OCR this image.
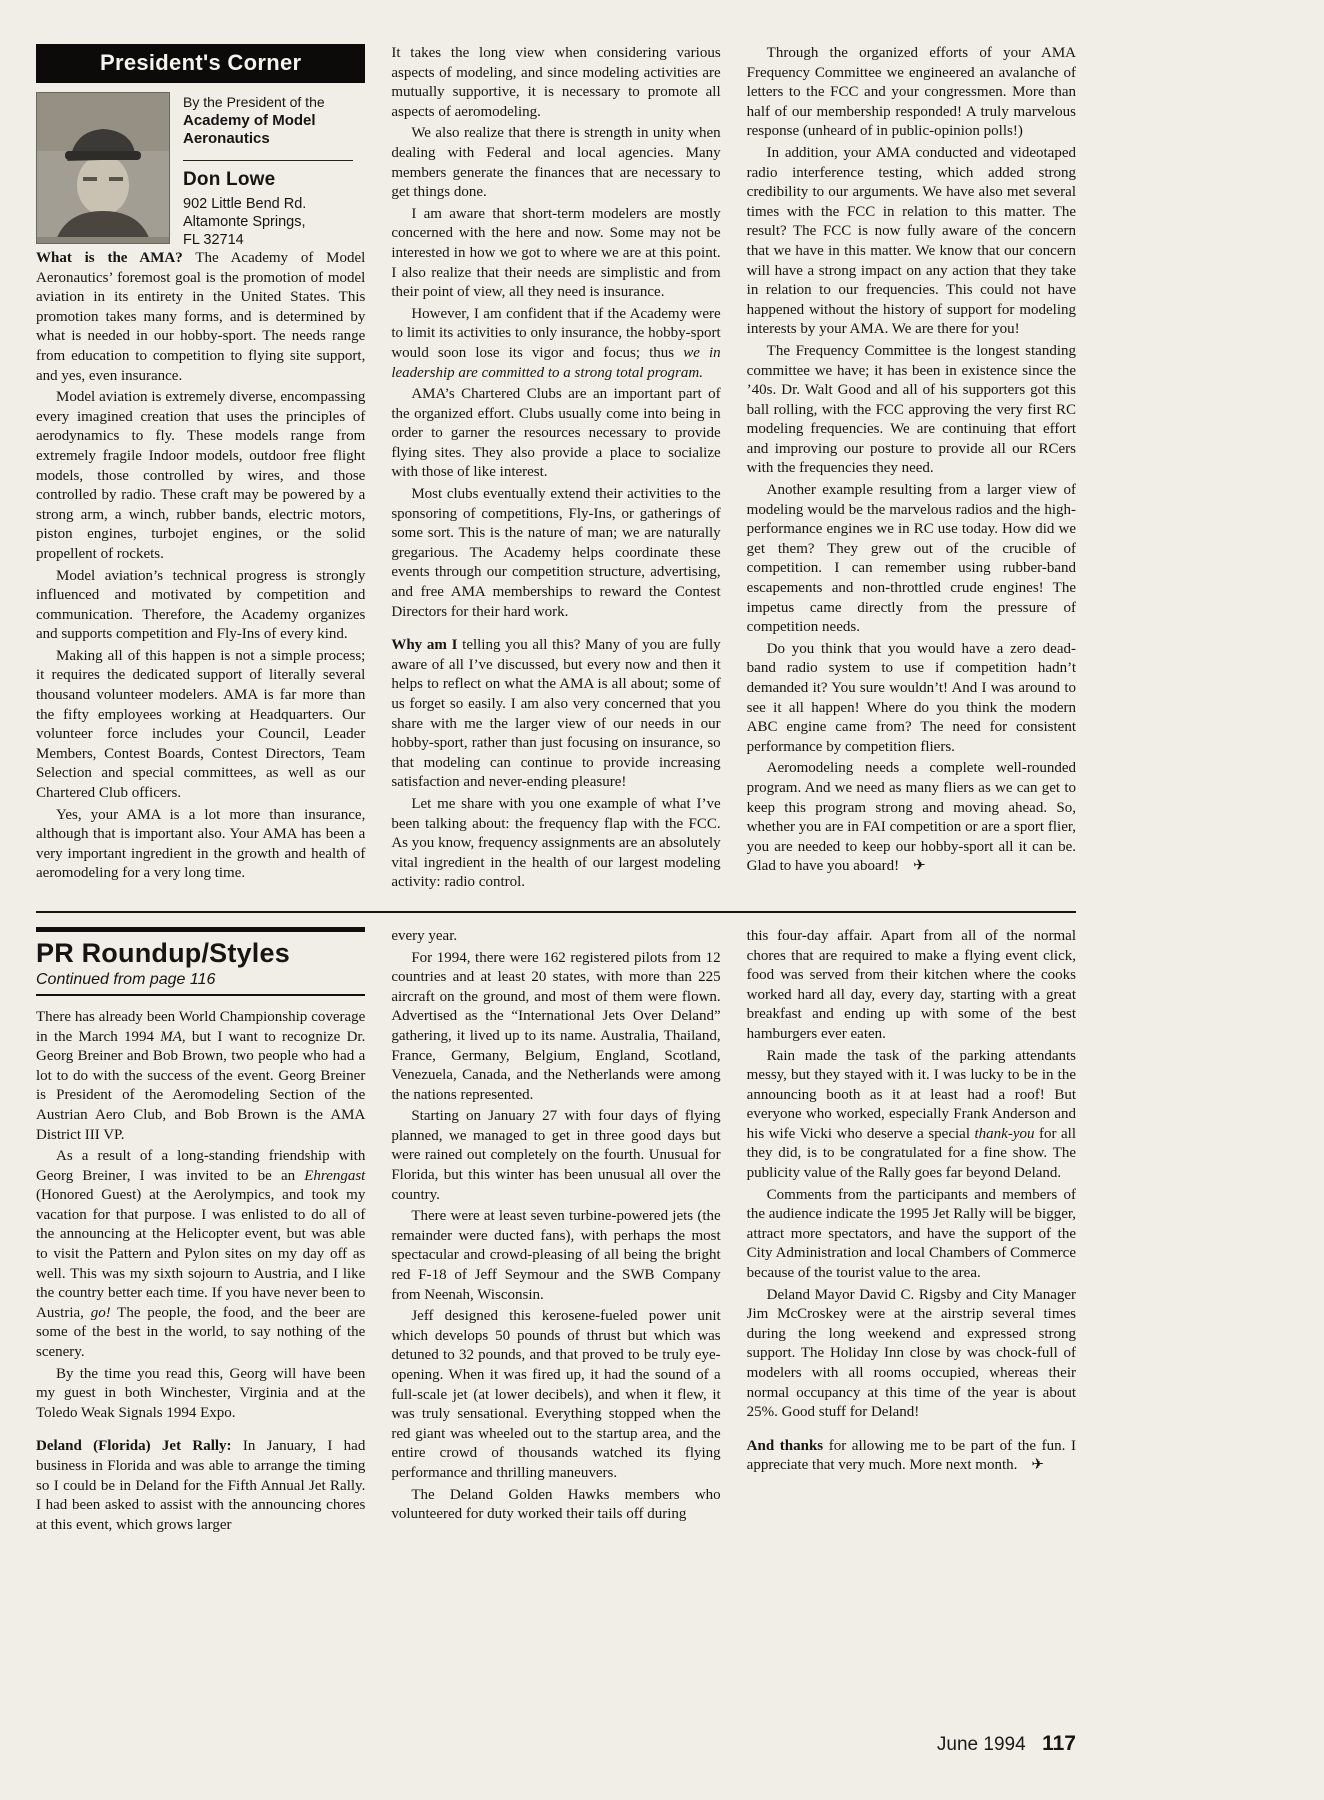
President's Corner
By the President of the
Academy of Model Aeronautics
Don Lowe
902 Little Bend Rd.
Altamonte Springs,
FL 32714

What is the AMA? The Academy of Model Aeronautics’ foremost goal is the promotion of model aviation in its entirety in the United States. This promotion takes many forms, and is determined by what is needed in our hobby-sport. The needs range from education to competition to flying site support, and yes, even insurance.

Model aviation is extremely diverse, encompassing every imagined creation that uses the principles of aerodynamics to fly. These models range from extremely fragile Indoor models, outdoor free flight models, those controlled by wires, and those controlled by radio. These craft may be powered by a strong arm, a winch, rubber bands, electric motors, piston engines, turbojet engines, or the solid propellent of rockets.

Model aviation’s technical progress is strongly influenced and motivated by competition and communication. Therefore, the Academy organizes and supports competition and Fly-Ins of every kind.

Making all of this happen is not a simple process; it requires the dedicated support of literally several thousand volunteer modelers. AMA is far more than the fifty employees working at Headquarters. Our volunteer force includes your Council, Leader Members, Contest Boards, Contest Directors, Team Selection and special committees, as well as our Chartered Club officers.

Yes, your AMA is a lot more than insurance, although that is important also. Your AMA has been a very important ingredient in the growth and health of aeromodeling for a very long time.

It takes the long view when considering various aspects of modeling, and since modeling activities are mutually supportive, it is necessary to promote all aspects of aeromodeling.

We also realize that there is strength in unity when dealing with Federal and local agencies. Many members generate the finances that are necessary to get things done.

I am aware that short-term modelers are mostly concerned with the here and now. Some may not be interested in how we got to where we are at this point. I also realize that their needs are simplistic and from their point of view, all they need is insurance.

However, I am confident that if the Academy were to limit its activities to only insurance, the hobby-sport would soon lose its vigor and focus; thus we in leadership are committed to a strong total program.

AMA’s Chartered Clubs are an important part of the organized effort. Clubs usually come into being in order to garner the resources necessary to provide flying sites. They also provide a place to socialize with those of like interest.

Most clubs eventually extend their activities to the sponsoring of competitions, Fly-Ins, or gatherings of some sort. This is the nature of man; we are naturally gregarious. The Academy helps coordinate these events through our competition structure, advertising, and free AMA memberships to reward the Contest Directors for their hard work.

Why am I telling you all this? Many of you are fully aware of all I’ve discussed, but every now and then it helps to reflect on what the AMA is all about; some of us forget so easily. I am also very concerned that you share with me the larger view of our needs in our hobby-sport, rather than just focusing on insurance, so that modeling can continue to provide increasing satisfaction and never-ending pleasure!

Let me share with you one example of what I’ve been talking about: the frequency flap with the FCC. As you know, frequency assignments are an absolutely vital ingredient in the health of our largest modeling activity: radio control.

Through the organized efforts of your AMA Frequency Committee we engineered an avalanche of letters to the FCC and your congressmen. More than half of our membership responded! A truly marvelous response (unheard of in public-opinion polls!)

In addition, your AMA conducted and videotaped radio interference testing, which added strong credibility to our arguments. We have also met several times with the FCC in relation to this matter. The result? The FCC is now fully aware of the concern that we have in this matter. We know that our concern will have a strong impact on any action that they take in relation to our frequencies. This could not have happened without the history of support for modeling interests by your AMA. We are there for you!

The Frequency Committee is the longest standing committee we have; it has been in existence since the ’40s. Dr. Walt Good and all of his supporters got this ball rolling, with the FCC approving the very first RC modeling frequencies. We are continuing that effort and improving our posture to provide all our RCers with the frequencies they need.

Another example resulting from a larger view of modeling would be the marvelous radios and the high-performance engines we in RC use today. How did we get them? They grew out of the crucible of competition. I can remember using rubber-band escapements and non-throttled crude engines! The impetus came directly from the pressure of competition needs.

Do you think that you would have a zero dead-band radio system to use if competition hadn’t demanded it? You sure wouldn’t! And I was around to see it all happen! Where do you think the modern ABC engine came from? The need for consistent performance by competition fliers.

Aeromodeling needs a complete well-rounded program. And we need as many fliers as we can get to keep this program strong and moving ahead. So, whether you are in FAI competition or are a sport flier, you are needed to keep our hobby-sport all it can be. Glad to have you aboard! ✈

PR Roundup/Styles
Continued from page 116

There has already been World Championship coverage in the March 1994 MA, but I want to recognize Dr. Georg Breiner and Bob Brown, two people who had a lot to do with the success of the event. Georg Breiner is President of the Aeromodeling Section of the Austrian Aero Club, and Bob Brown is the AMA District III VP.

As a result of a long-standing friendship with Georg Breiner, I was invited to be an Ehrengast (Honored Guest) at the Aerolympics, and took my vacation for that purpose. I was enlisted to do all of the announcing at the Helicopter event, but was able to visit the Pattern and Pylon sites on my day off as well. This was my sixth sojourn to Austria, and I like the country better each time. If you have never been to Austria, go! The people, the food, and the beer are some of the best in the world, to say nothing of the scenery.

By the time you read this, Georg will have been my guest in both Winchester, Virginia and at the Toledo Weak Signals 1994 Expo.

Deland (Florida) Jet Rally: In January, I had business in Florida and was able to arrange the timing so I could be in Deland for the Fifth Annual Jet Rally. I had been asked to assist with the announcing chores at this event, which grows larger

every year.

For 1994, there were 162 registered pilots from 12 countries and at least 20 states, with more than 225 aircraft on the ground, and most of them were flown. Advertised as the “International Jets Over Deland” gathering, it lived up to its name. Australia, Thailand, France, Germany, Belgium, England, Scotland, Venezuela, Canada, and the Netherlands were among the nations represented.

Starting on January 27 with four days of flying planned, we managed to get in three good days but were rained out completely on the fourth. Unusual for Florida, but this winter has been unusual all over the country.

There were at least seven turbine-powered jets (the remainder were ducted fans), with perhaps the most spectacular and crowd-pleasing of all being the bright red F-18 of Jeff Seymour and the SWB Company from Neenah, Wisconsin.

Jeff designed this kerosene-fueled power unit which develops 50 pounds of thrust but which was detuned to 32 pounds, and that proved to be truly eye-opening. When it was fired up, it had the sound of a full-scale jet (at lower decibels), and when it flew, it was truly sensational. Everything stopped when the red giant was wheeled out to the startup area, and the entire crowd of thousands watched its flying performance and thrilling maneuvers.

The Deland Golden Hawks members who volunteered for duty worked their tails off during

this four-day affair. Apart from all of the normal chores that are required to make a flying event click, food was served from their kitchen where the cooks worked hard all day, every day, starting with a great breakfast and ending up with some of the best hamburgers ever eaten.

Rain made the task of the parking attendants messy, but they stayed with it. I was lucky to be in the announcing booth as it at least had a roof! But everyone who worked, especially Frank Anderson and his wife Vicki who deserve a special thank-you for all they did, is to be congratulated for a fine show. The publicity value of the Rally goes far beyond Deland.

Comments from the participants and members of the audience indicate the 1995 Jet Rally will be bigger, attract more spectators, and have the support of the City Administration and local Chambers of Commerce because of the tourist value to the area.

Deland Mayor David C. Rigsby and City Manager Jim McCroskey were at the airstrip several times during the long weekend and expressed strong support. The Holiday Inn close by was chock-full of modelers with all rooms occupied, whereas their normal occupancy at this time of the year is about 25%. Good stuff for Deland!

And thanks for allowing me to be part of the fun. I appreciate that very much. More next month. ✈

June 1994 117
